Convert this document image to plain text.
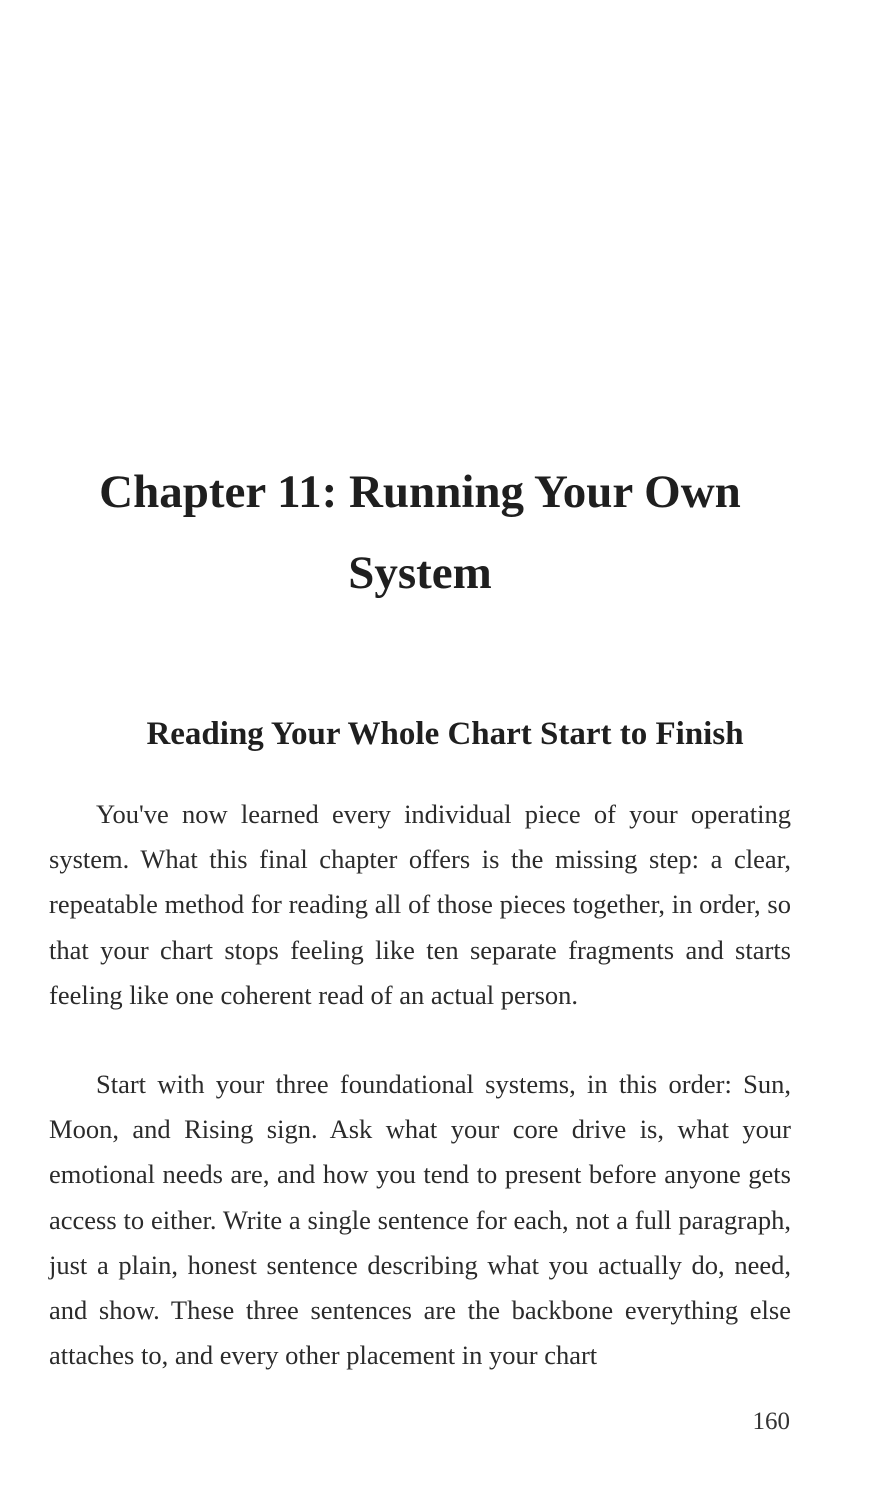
Chapter 11: Running Your Own System
Reading Your Whole Chart Start to Finish

You've now learned every individual piece of your operating system. What this final chapter offers is the missing step: a clear, repeatable method for reading all of those pieces together, in order, so that your chart stops feeling like ten separate fragments and starts feeling like one coherent read of an actual person.

Start with your three foundational systems, in this order: Sun, Moon, and Rising sign. Ask what your core drive is, what your emotional needs are, and how you tend to present before anyone gets access to either. Write a single sentence for each, not a full paragraph, just a plain, honest sentence describing what you actually do, need, and show. These three sentences are the backbone everything else attaches to, and every other placement in your chart

160
